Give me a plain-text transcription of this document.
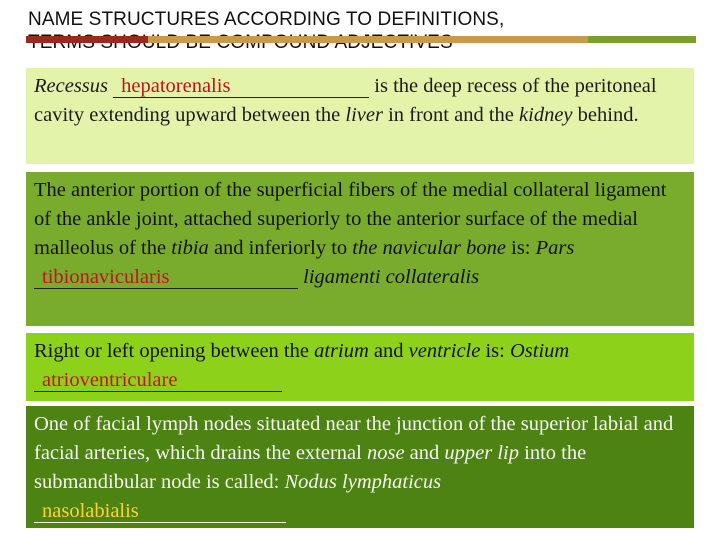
NAME STRUCTURES ACCORDING TO DEFINITIONS,

Recessus hepatorenalis	is the deep recess of the peritoneal cavity extending upward between the liver in front and the kidney behind.

The anterior portion of the superficial fibers of the medial collateral ligament of the ankle joint, attached superiorly to the anterior surface of the medial malleolus of the tibia and inferiorly to the navicular bone is: Pars tibionavicularis	ligamenti collateralis

Right or left opening between the atrium and ventricle is: Ostiumatrioventriculare

One of facial lymph nodes situated near the junction of the superior labial and facial arteries, which drains the external nose and upper lip into the submandibular node is called: Nodus lymphaticus nasolabialis
